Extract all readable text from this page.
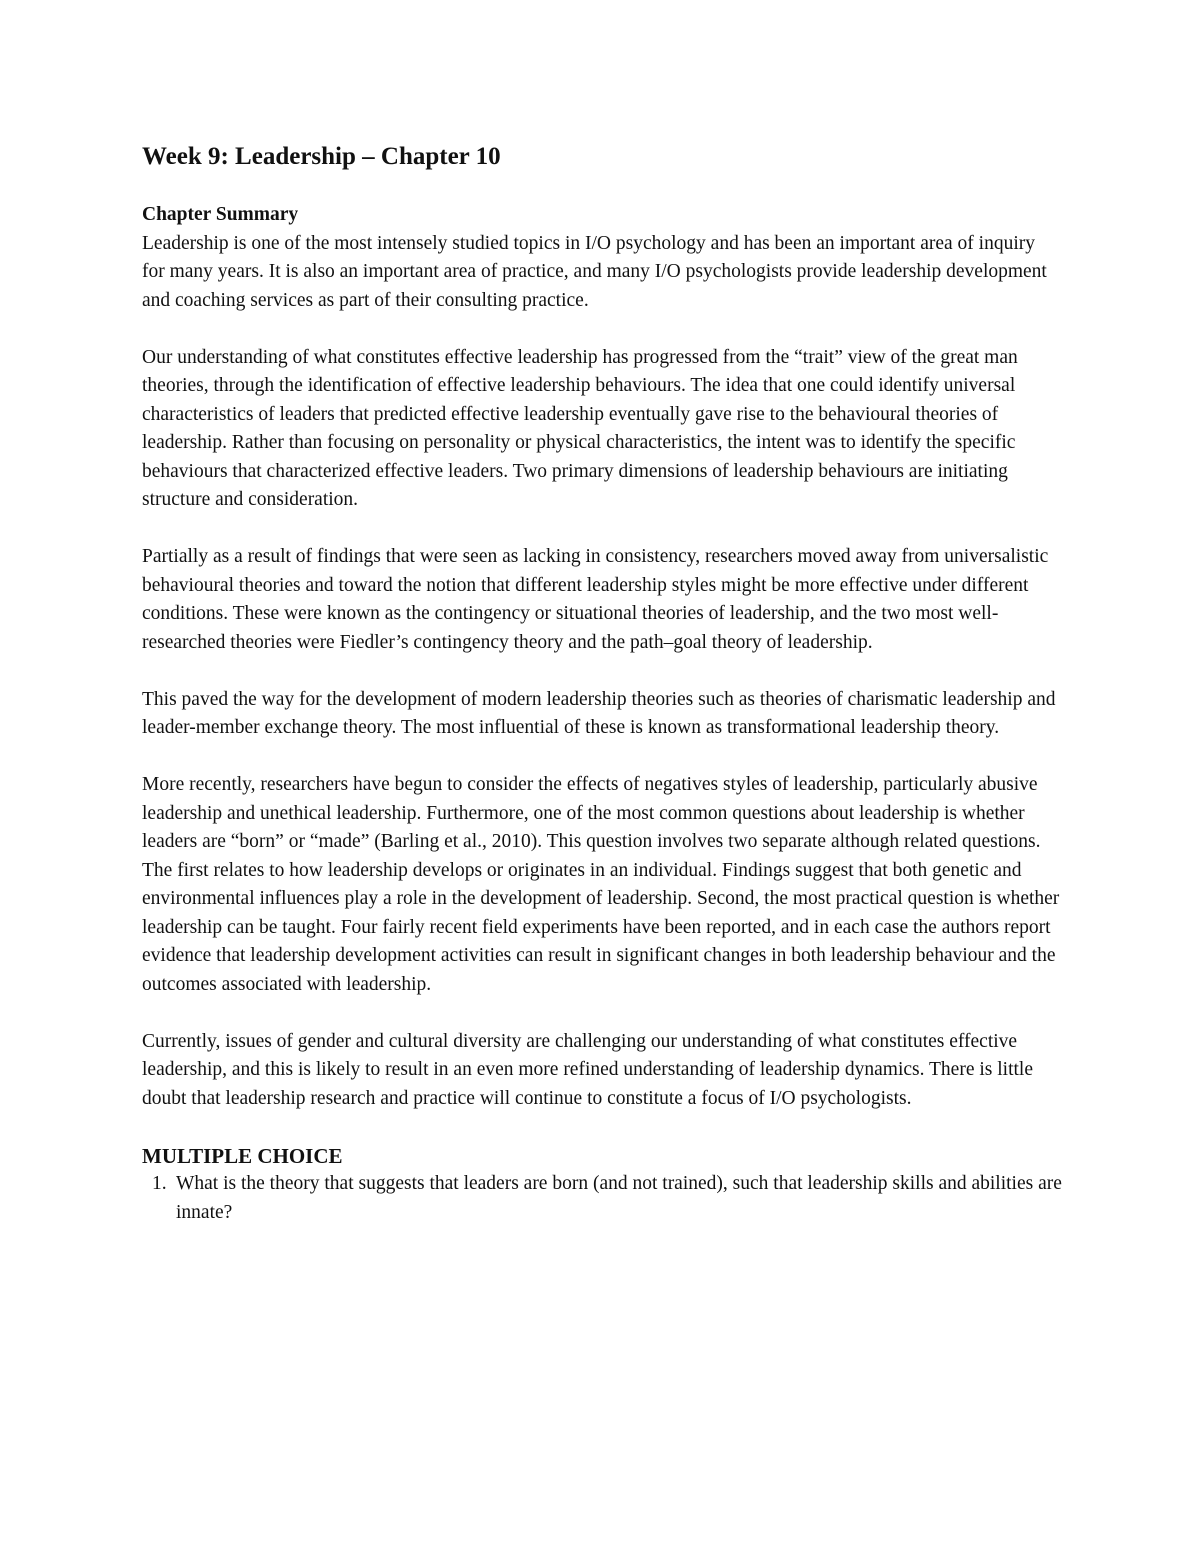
Week 9: Leadership – Chapter 10
Chapter Summary

Leadership is one of the most intensely studied topics in I/O psychology and has been an important area of inquiry for many years. It is also an important area of practice, and many I/O psychologists provide leadership development and coaching services as part of their consulting practice.

Our understanding of what constitutes effective leadership has progressed from the “trait” view of the great man theories, through the identification of effective leadership behaviours. The idea that one could identify universal characteristics of leaders that predicted effective leadership eventually gave rise to the behavioural theories of leadership. Rather than focusing on personality or physical characteristics, the intent was to identify the specific behaviours that characterized effective leaders. Two primary dimensions of leadership behaviours are initiating structure and consideration.

Partially as a result of findings that were seen as lacking in consistency, researchers moved away from universalistic behavioural theories and toward the notion that different leadership styles might be more effective under different conditions. These were known as the contingency or situational theories of leadership, and the two most well-researched theories were Fiedler’s contingency theory and the path–goal theory of leadership.

This paved the way for the development of modern leadership theories such as theories of charismatic leadership and leader-member exchange theory. The most influential of these is known as transformational leadership theory.

More recently, researchers have begun to consider the effects of negatives styles of leadership, particularly abusive leadership and unethical leadership. Furthermore, one of the most common questions about leadership is whether leaders are “born” or “made” (Barling et al., 2010). This question involves two separate although related questions. The first relates to how leadership develops or originates in an individual. Findings suggest that both genetic and environmental influences play a role in the development of leadership. Second, the most practical question is whether leadership can be taught. Four fairly recent field experiments have been reported, and in each case the authors report evidence that leadership development activities can result in significant changes in both leadership behaviour and the outcomes associated with leadership.

Currently, issues of gender and cultural diversity are challenging our understanding of what constitutes effective leadership, and this is likely to result in an even more refined understanding of leadership dynamics. There is little doubt that leadership research and practice will continue to constitute a focus of I/O psychologists.

MULTIPLE CHOICE
1. What is the theory that suggests that leaders are born (and not trained), such that leadership skills and abilities are innate?
